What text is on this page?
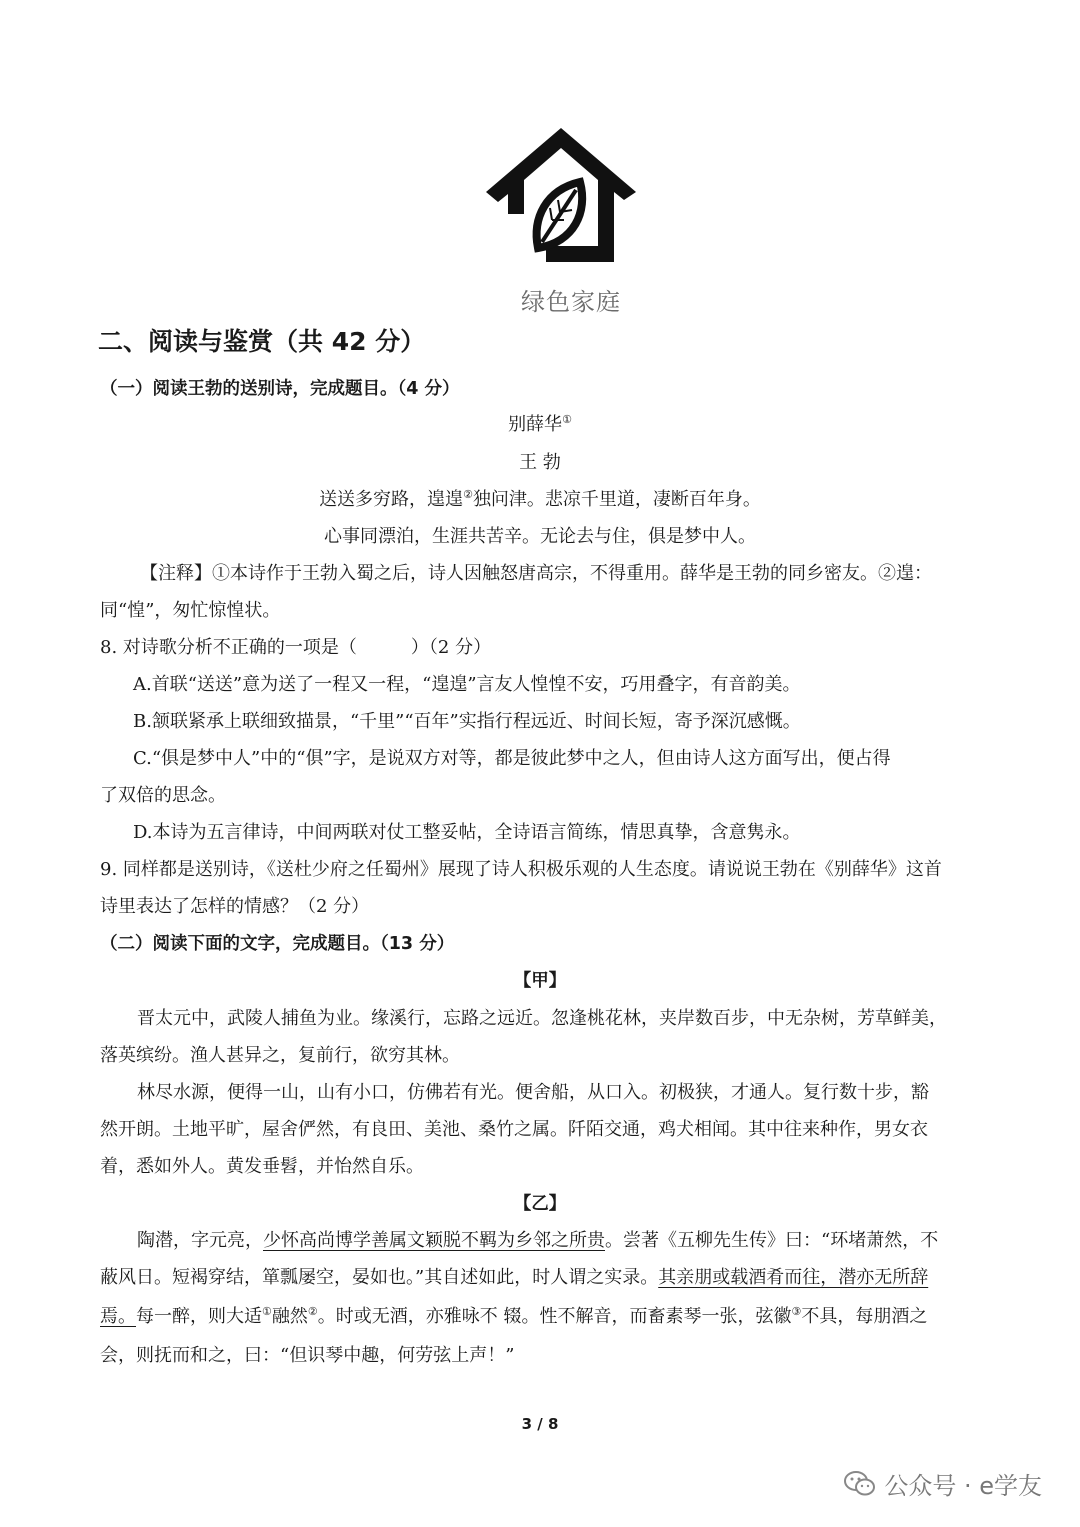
绿色家庭
二、阅读与鉴赏（共 42 分）
（一）阅读王勃的送别诗，完成题目。（4 分）
别薛华①
王 勃
送送多穷路，遑遑②独问津。悲凉千里道，凄断百年身。
心事同漂泊，生涯共苦辛。无论去与住，俱是梦中人。
【注释】①本诗作于王勃入蜀之后，诗人因触怒唐高宗，不得重用。薛华是王勃的同乡密友。②遑：
同“惶”，匆忙惊惶状。
8. 对诗歌分析不正确的一项是（　　　）（2 分）
A.首联“送送”意为送了一程又一程，“遑遑”言友人惶惶不安，巧用叠字，有音韵美。
B.颔联紧承上联细致描景，“千里”“百年”实指行程远近、时间长短，寄予深沉感慨。
C.“俱是梦中人”中的“俱”字，是说双方对等，都是彼此梦中之人，但由诗人这方面写出，便占得
了双倍的思念。
D.本诗为五言律诗，中间两联对仗工整妥帖，全诗语言简练，情思真挚，含意隽永。
9. 同样都是送别诗，《送杜少府之任蜀州》展现了诗人积极乐观的人生态度。请说说王勃在《别薛华》这首
诗里表达了怎样的情感？（2 分）
（二）阅读下面的文字，完成题目。（13 分）
【甲】
晋太元中，武陵人捕鱼为业。缘溪行，忘路之远近。忽逢桃花林，夹岸数百步，中无杂树，芳草鲜美，
落英缤纷。渔人甚异之，复前行，欲穷其林。
林尽水源，便得一山，山有小口，仿佛若有光。便舍船，从口入。初极狭，才通人。复行数十步，豁
然开朗。土地平旷，屋舍俨然，有良田、美池、桑竹之属。阡陌交通，鸡犬相闻。其中往来种作，男女衣
着，悉如外人。黄发垂髫，并怡然自乐。
【乙】
陶潜，字元亮，少怀高尚博学善属文颖脱不羁为乡邻之所贵。尝著《五柳先生传》曰：“环堵萧然，不
蔽风日。短褐穿结，箪瓢屡空，晏如也。”其自述如此，时人谓之实录。其亲朋或载酒肴而往，潜亦无所辞
焉。每一醉，则大适①融然②。时或无酒，亦雅咏不 辍。性不解音，而畜素琴一张，弦徽③不具，每朋酒之
会，则抚而和之，曰：“但识琴中趣，何劳弦上声！”
3 / 8
公众号 · e学友
